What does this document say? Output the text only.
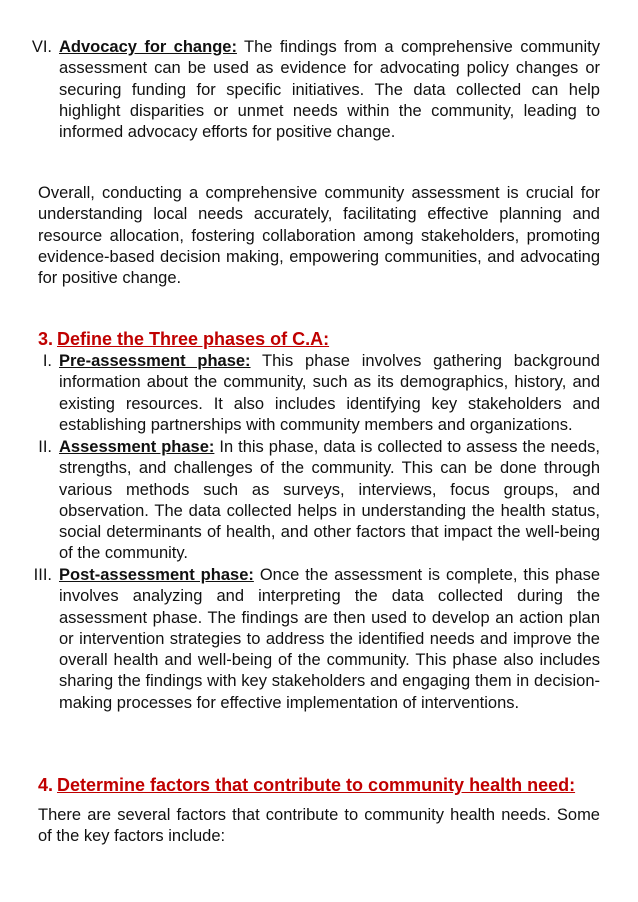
VI. Advocacy for change: The findings from a comprehensive community assessment can be used as evidence for advocating policy changes or securing funding for specific initiatives. The data collected can help highlight disparities or unmet needs within the community, leading to informed advocacy efforts for positive change.
Overall, conducting a comprehensive community assessment is crucial for understanding local needs accurately, facilitating effective planning and resource allocation, fostering collaboration among stakeholders, promoting evidence-based decision making, empowering communities, and advocating for positive change.
3. Define the Three phases of C.A:
I. Pre-assessment phase: This phase involves gathering background information about the community, such as its demographics, history, and existing resources. It also includes identifying key stakeholders and establishing partnerships with community members and organizations.
II. Assessment phase: In this phase, data is collected to assess the needs, strengths, and challenges of the community. This can be done through various methods such as surveys, interviews, focus groups, and observation. The data collected helps in understanding the health status, social determinants of health, and other factors that impact the well-being of the community.
III. Post-assessment phase: Once the assessment is complete, this phase involves analyzing and interpreting the data collected during the assessment phase. The findings are then used to develop an action plan or intervention strategies to address the identified needs and improve the overall health and well-being of the community. This phase also includes sharing the findings with key stakeholders and engaging them in decision-making processes for effective implementation of interventions.
4. Determine factors that contribute to community health need:
There are several factors that contribute to community health needs. Some of the key factors include:
